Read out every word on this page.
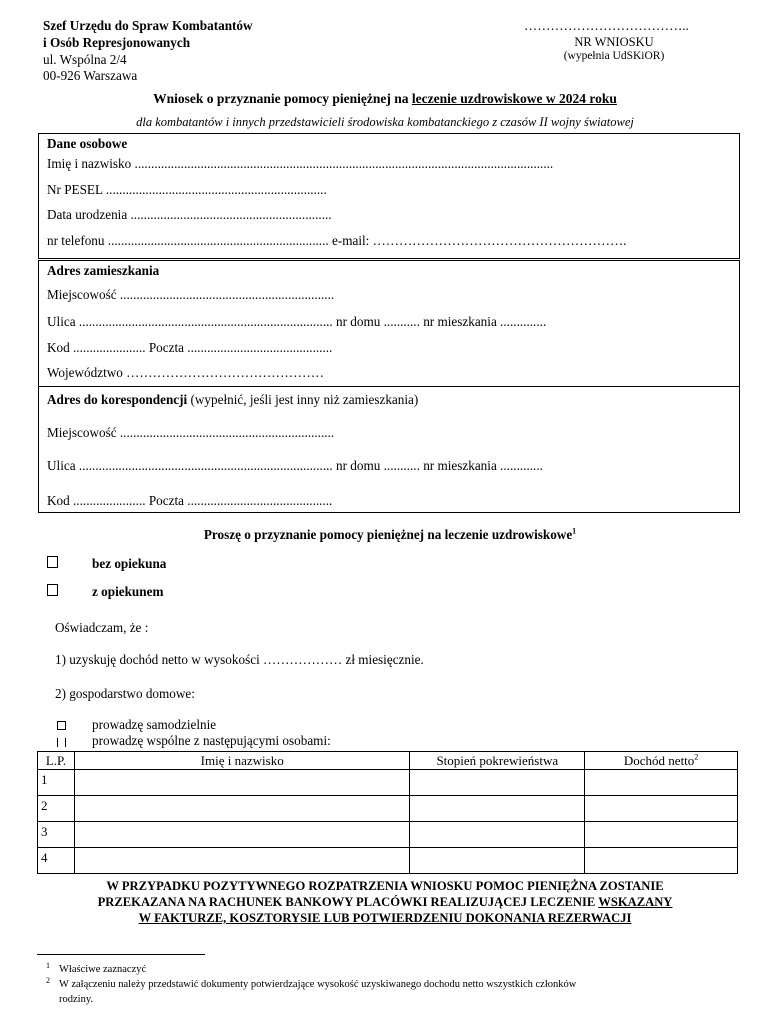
Szef Urzędu do Spraw Kombatantów
i Osób Represjonowanych
ul. Wspólna 2/4
00-926 Warszawa
………………………………..
NR WNIOSKU
(wypełnia UdSKiOR)
Wniosek o przyznanie pomocy pieniężnej na leczenie uzdrowiskowe w 2024 roku
dla kombatantów i innych przedstawicieli środowiska kombatanckiego z czasów II wojny światowej
Dane osobowe
Imię i nazwisko ...............................................................................................................................
Nr PESEL ...................................................................
Data urodzenia .............................................................
nr telefonu ................................................................... e-mail: ………………………………………………….
Adres zamieszkania
Miejscowość .................................................................
Ulica ............................................................................. nr domu ........... nr mieszkania ..............
Kod ...................... Poczta ............................................
Województwo ………………………………………
Adres do korespondencji (wypełnić, jeśli jest inny niż zamieszkania)
Miejscowość .................................................................
Ulica ............................................................................. nr domu ........... nr mieszkania .............
Kod ...................... Poczta ............................................
Proszę o przyznanie pomocy pieniężnej na leczenie uzdrowiskowe$^1$
bez opiekuna
z opiekunem
Oświadczam, że :
1) uzyskuję dochód netto w wysokości ……………… zł miesięcznie.
2) gospodarstwo domowe:
prowadzę samodzielnie
prowadzę wspólne z następującymi osobami:
L.P.	Imię i nazwisko	Stopień pokrewieństwa	Dochód netto$^2$
1			
2			
3			
4			
W PRZYPADKU POZYTYWNEGO ROZPATRZENIA WNIOSKU POMOC PIENIĘŻNA ZOSTANIE
PRZEKAZANA NA RACHUNEK BANKOWY PLACÓWKI REALIZUJĄCEJ LECZENIE WSKAZANY
W FAKTURZE, KOSZTORYSIE LUB POTWIERDZENIU DOKONANIA REZERWACJI
1 Właściwe zaznaczyć
2 W załączeniu należy przedstawić dokumenty potwierdzające wysokość uzyskiwanego dochodu netto wszystkich członków
rodziny.
